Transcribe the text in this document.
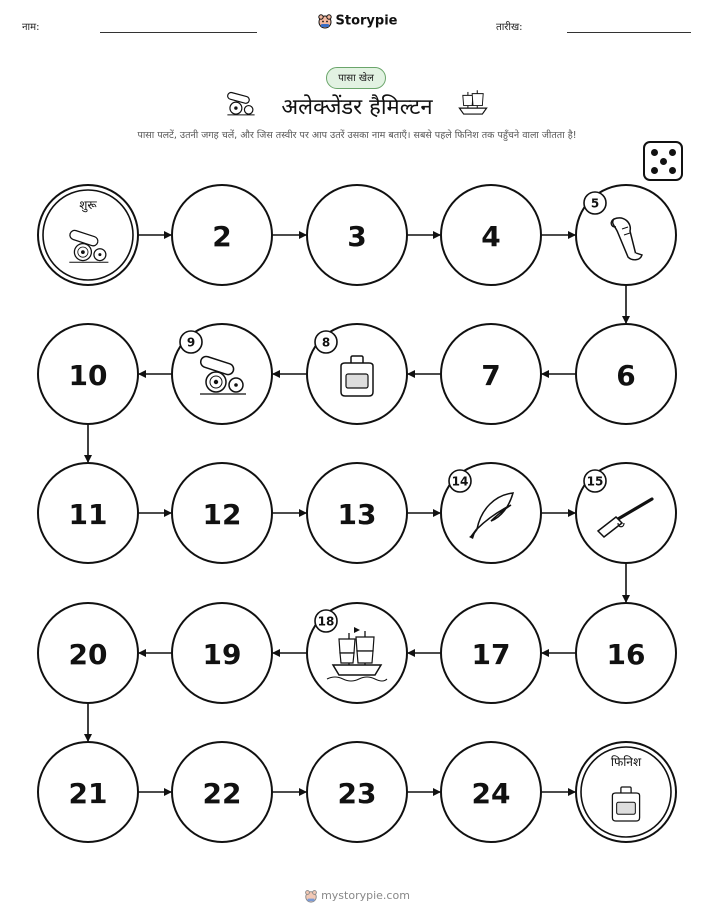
नाम:	Storypie	तारीख:
पासा खेल
अलेक्जेंडर हैमिल्टन
पासा पलटें, उतनी जगह चलें, और जिस तस्वीर पर आप उतरें उसका नाम बताएँ। सबसे पहले फिनिश तक पहुँचने वाला जीतता है!
शुरू
2	3	4
5
10
9	8
7	6
11	12	13
14	15
20	19
18
17	16
21	22	23	24
फिनिश
mystorypie.com
